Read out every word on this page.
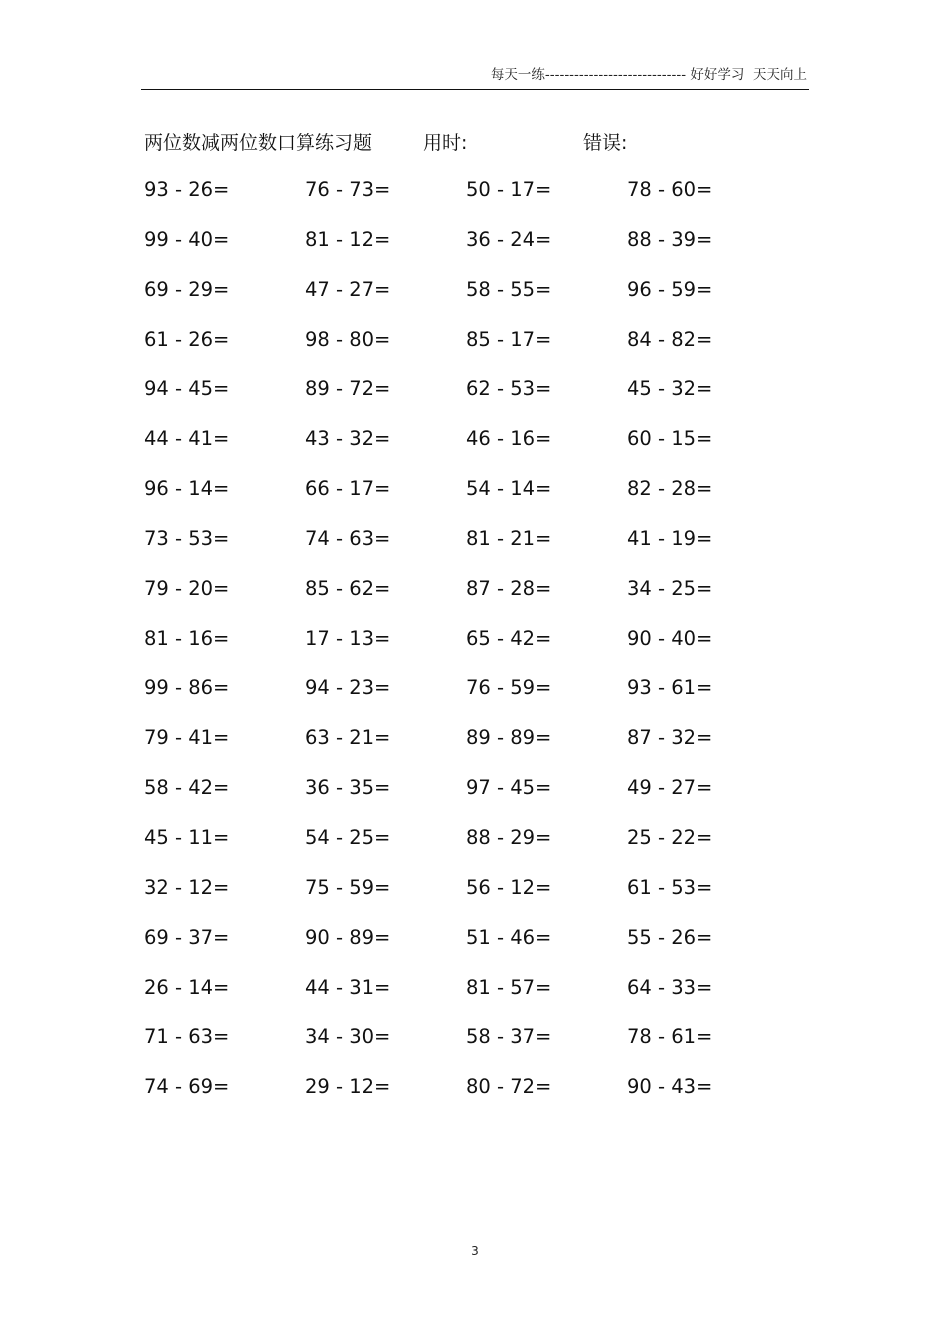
每天一练----------------------------- 好好学习  天天向上
两位数减两位数口算练习题	用时:	错误:
93 - 26=	76 - 73=	50 - 17=	78 - 60=
99 - 40=	81 - 12=	36 - 24=	88 - 39=
69 - 29=	47 - 27=	58 - 55=	96 - 59=
61 - 26=	98 - 80=	85 - 17=	84 - 82=
94 - 45=	89 - 72=	62 - 53=	45 - 32=
44 - 41=	43 - 32=	46 - 16=	60 - 15=
96 - 14=	66 - 17=	54 - 14=	82 - 28=
73 - 53=	74 - 63=	81 - 21=	41 - 19=
79 - 20=	85 - 62=	87 - 28=	34 - 25=
81 - 16=	17 - 13=	65 - 42=	90 - 40=
99 - 86=	94 - 23=	76 - 59=	93 - 61=
79 - 41=	63 - 21=	89 - 89=	87 - 32=
58 - 42=	36 - 35=	97 - 45=	49 - 27=
45 - 11=	54 - 25=	88 - 29=	25 - 22=
32 - 12=	75 - 59=	56 - 12=	61 - 53=
69 - 37=	90 - 89=	51 - 46=	55 - 26=
26 - 14=	44 - 31=	81 - 57=	64 - 33=
71 - 63=	34 - 30=	58 - 37=	78 - 61=
74 - 69=	29 - 12=	80 - 72=	90 - 43=
3
